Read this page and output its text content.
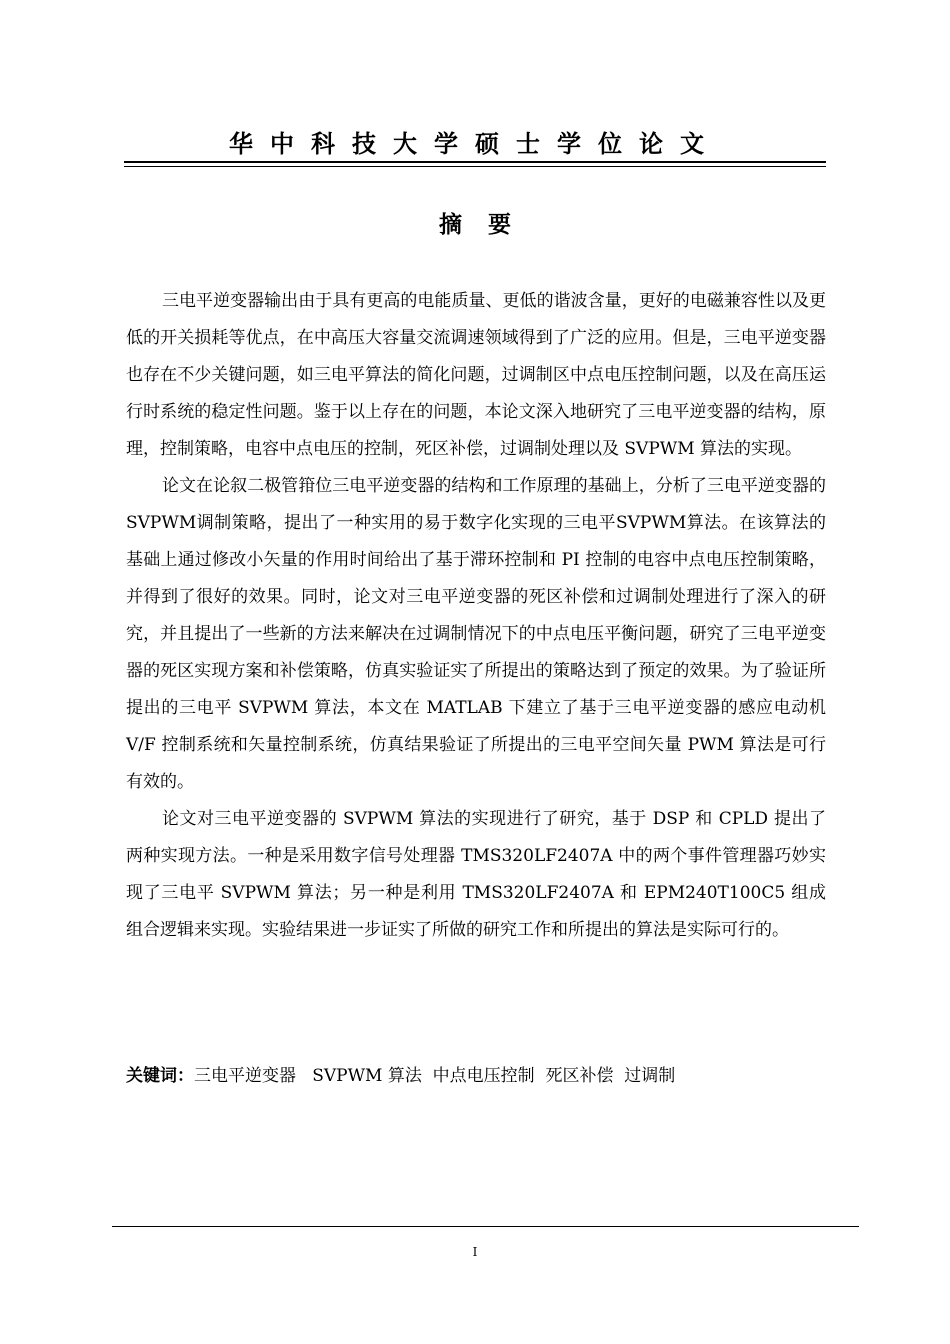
华中科技大学硕士学位论文
摘要

三电平逆变器输出由于具有更高的电能质量、更低的谐波含量，更好的电磁兼容性以及更低的开关损耗等优点，在中高压大容量交流调速领域得到了广泛的应用。但是，三电平逆变器也存在不少关键问题，如三电平算法的简化问题，过调制区中点电压控制问题，以及在高压运行时系统的稳定性问题。鉴于以上存在的问题，本论文深入地研究了三电平逆变器的结构，原理，控制策略，电容中点电压的控制，死区补偿，过调制处理以及 SVPWM 算法的实现。

论文在论叙二极管箝位三电平逆变器的结构和工作原理的基础上，分析了三电平逆变器的SVPWM调制策略，提出了一种实用的易于数字化实现的三电平SVPWM算法。在该算法的基础上通过修改小矢量的作用时间给出了基于滞环控制和 PI 控制的电容中点电压控制策略，并得到了很好的效果。同时，论文对三电平逆变器的死区补偿和过调制处理进行了深入的研究，并且提出了一些新的方法来解决在过调制情况下的中点电压平衡问题，研究了三电平逆变器的死区实现方案和补偿策略，仿真实验证实了所提出的策略达到了预定的效果。为了验证所提出的三电平 SVPWM 算法，本文在 MATLAB 下建立了基于三电平逆变器的感应电动机 V/F 控制系统和矢量控制系统，仿真结果验证了所提出的三电平空间矢量 PWM 算法是可行有效的。

论文对三电平逆变器的 SVPWM 算法的实现进行了研究，基于 DSP 和 CPLD 提出了两种实现方法。一种是采用数字信号处理器 TMS320LF2407A 中的两个事件管理器巧妙实现了三电平 SVPWM 算法；另一种是利用 TMS320LF2407A 和 EPM240T100C5 组成组合逻辑来实现。实验结果进一步证实了所做的研究工作和所提出的算法是实际可行的。

关键词：三电平逆变器   SVPWM 算法  中点电压控制  死区补偿  过调制
I
